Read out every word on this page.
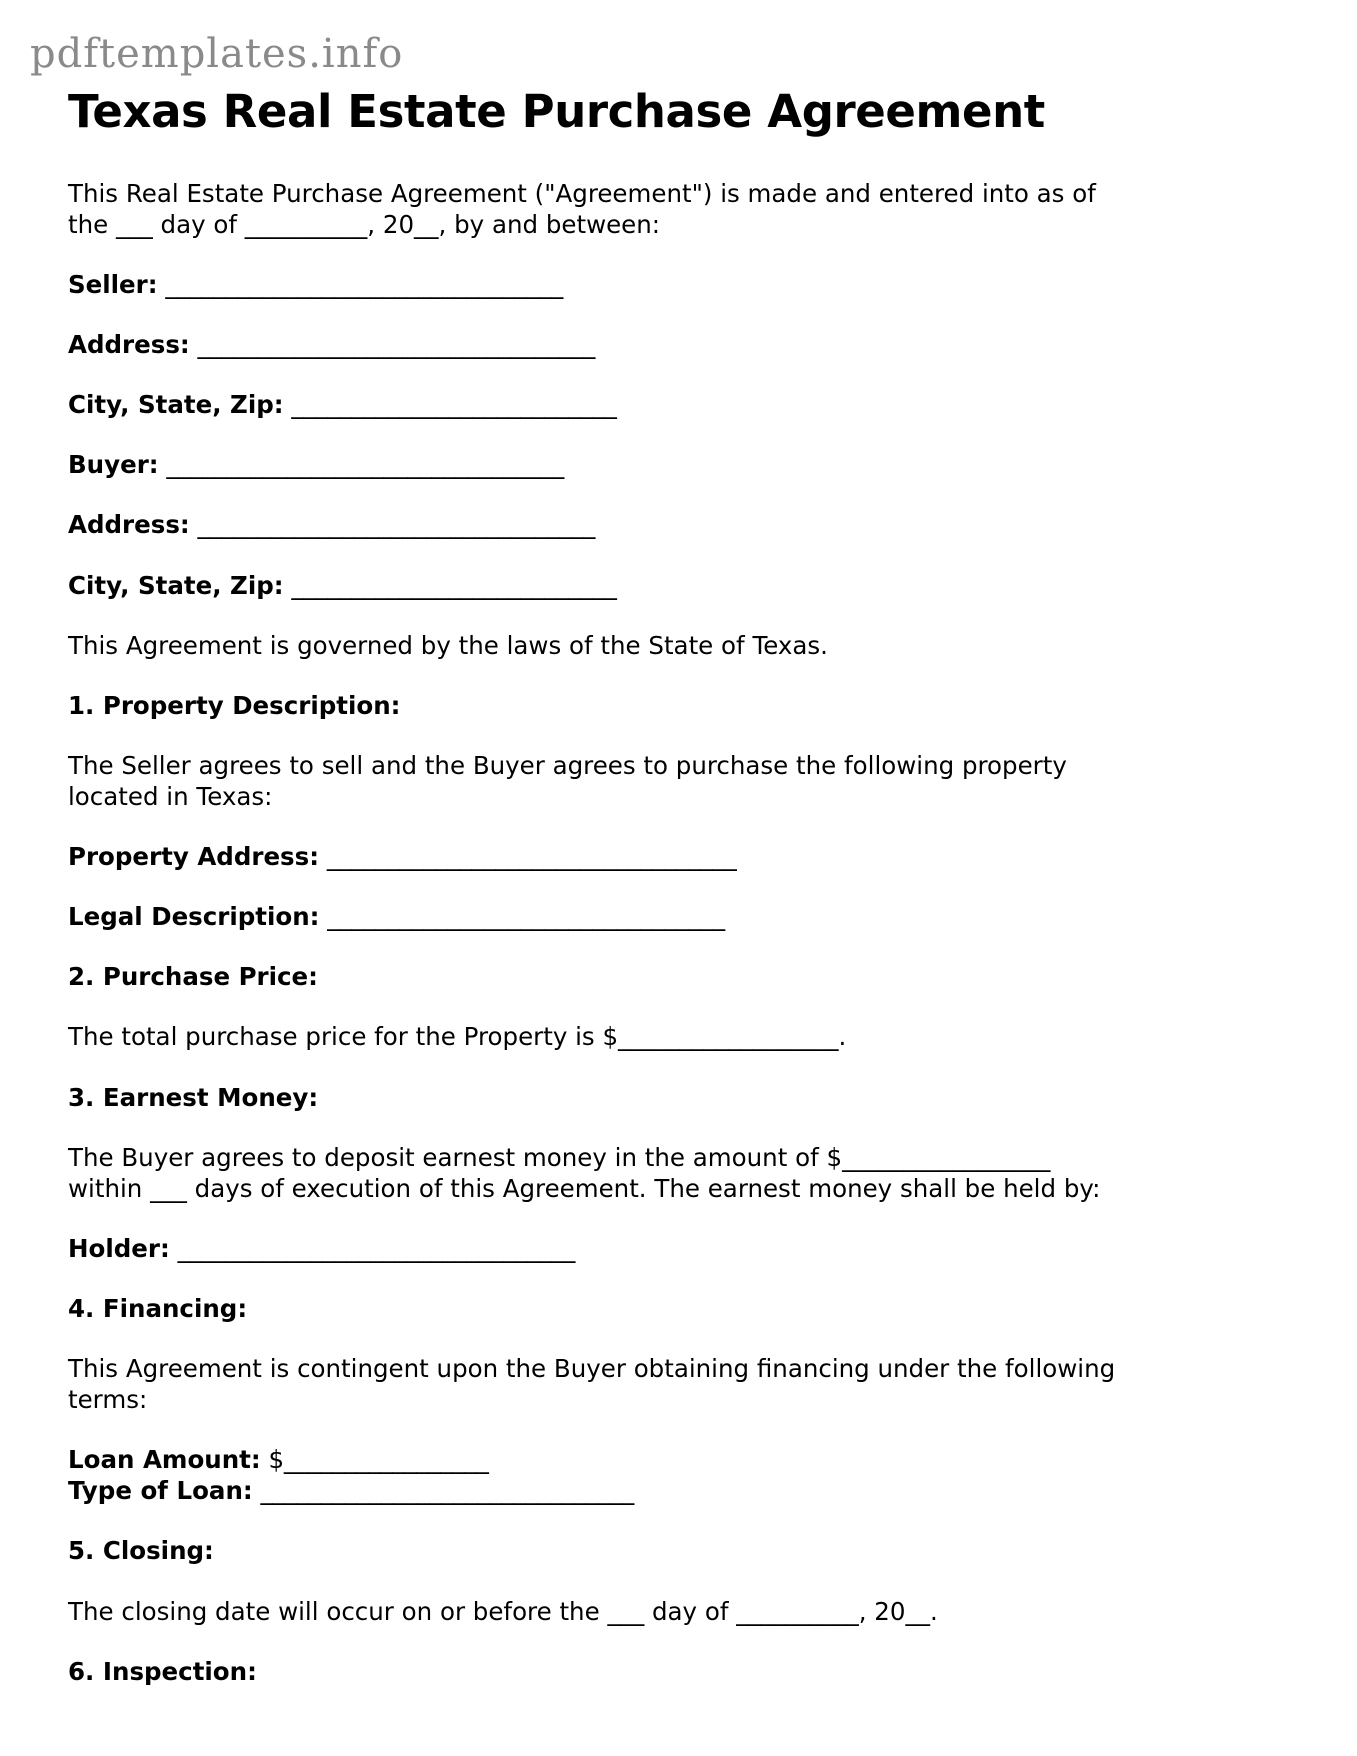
pdftemplates.info
Texas Real Estate Purchase Agreement

This Real Estate Purchase Agreement ("Agreement") is made and entered into as of the ___ day of __________, 20__, by and between:

Seller: _________________________________
Address: _________________________________
City, State, Zip: ___________________________
Buyer: _________________________________
Address: _________________________________
City, State, Zip: ___________________________

This Agreement is governed by the laws of the State of Texas.

1. Property Description:

The Seller agrees to sell and the Buyer agrees to purchase the following property located in Texas:

Property Address: __________________________________
Legal Description: _________________________________
2. Purchase Price:

The total purchase price for the Property is $__________________.

3. Earnest Money:

The Buyer agrees to deposit earnest money in the amount of $_________________ within ___ days of execution of this Agreement. The earnest money shall be held by:

Holder: _________________________________
4. Financing:

This Agreement is contingent upon the Buyer obtaining financing under the following terms:

Loan Amount: $_________________
Type of Loan: _______________________________
5. Closing:

The closing date will occur on or before the ___ day of __________, 20__.

6. Inspection:
